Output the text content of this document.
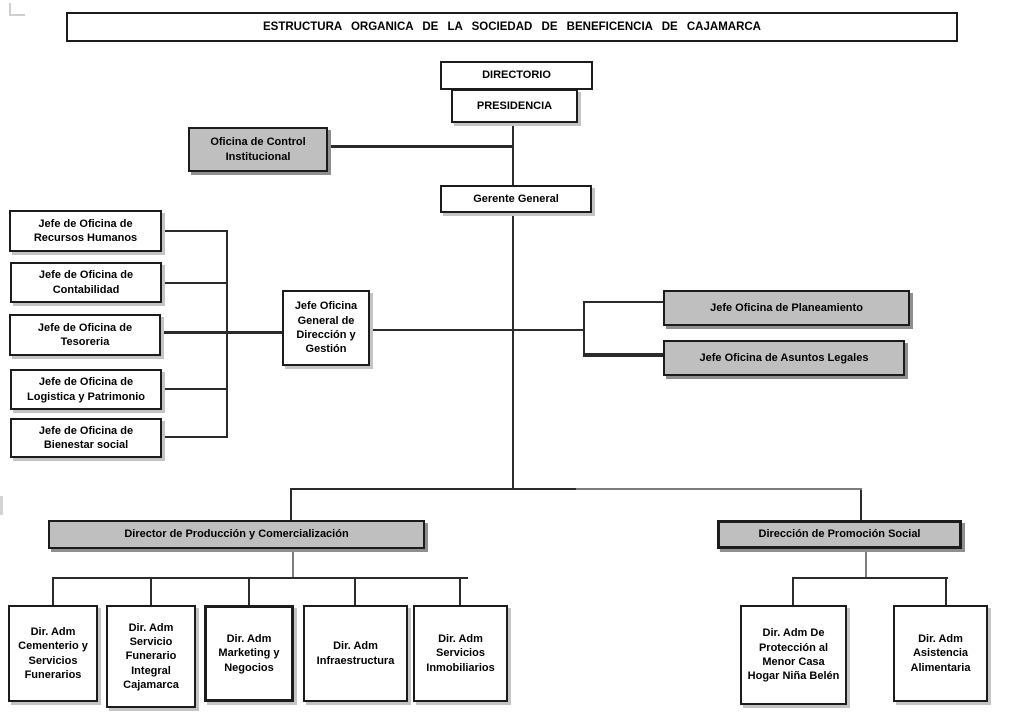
ESTRUCTURA ORGANICA DE LA SOCIEDAD DE BENEFICENCIA DE CAJAMARCA
DIRECTORIO
PRESIDENCIA
Oficina de Control Institucional
Gerente General
Jefe de Oficina de Recursos Humanos
Jefe de Oficina de Contabilidad
Jefe de Oficina de Tesoreria
Jefe de Oficina de Logistica y Patrimonio
Jefe de Oficina de Bienestar social
Jefe Oficina General de Dirección y Gestión
Jefe Oficina de Planeamiento
Jefe Oficina de Asuntos Legales
Director de Producción y Comercialización	Dirección de Promoción Social
Dir. Adm Cementerio y Servicios Funerarios
Dir. Adm Servicio Funerario Integral Cajamarca
Dir. Adm Marketing y Negocios
Dir. Adm Infraestructura
Dir. Adm Servicios Inmobiliarios
Dir. Adm De Protección al Menor Casa Hogar Niña Belén
Dir. Adm Asistencia Alimentaria
